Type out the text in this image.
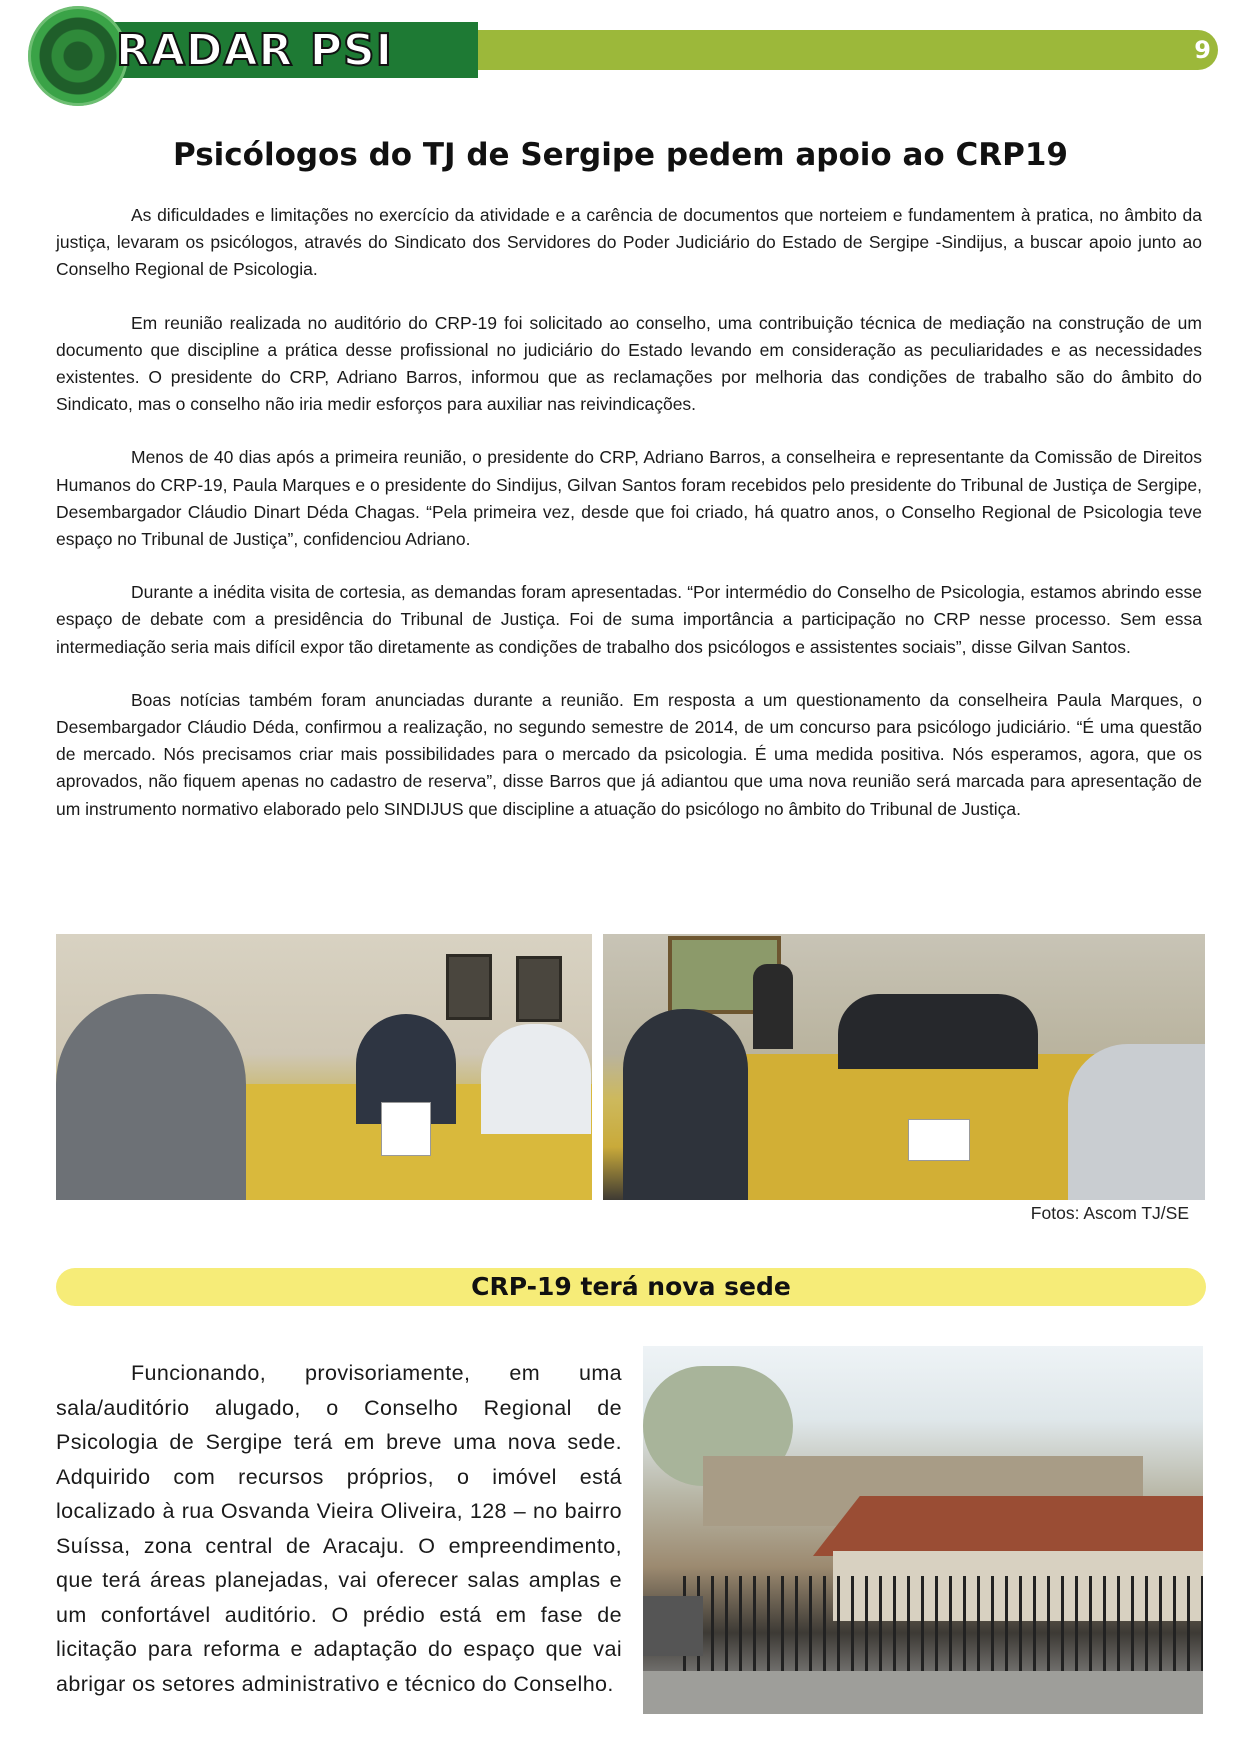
RADAR PSI	9
Psicólogos do TJ de Sergipe pedem apoio ao CRP19

As dificuldades e limitações no exercício da atividade e a carência de documentos que norteiem e fundamentem à pratica, no âmbito da justiça, levaram os psicólogos, através do Sindicato dos Servidores do Poder Judiciário do Estado de Sergipe -Sindijus, a buscar apoio junto ao Conselho Regional de Psicologia.

Em reunião realizada no auditório do CRP-19 foi solicitado ao conselho, uma contribuição técnica de mediação na construção de um documento que discipline a prática desse profissional no judiciário do Estado levando em consideração as peculiaridades e as necessidades existentes. O presidente do CRP, Adriano Barros, informou que as reclamações por melhoria das condições de trabalho são do âmbito do Sindicato, mas o conselho não iria medir esforços para auxiliar nas reivindicações.

Menos de 40 dias após a primeira reunião, o presidente do CRP, Adriano Barros, a conselheira e representante da Comissão de Direitos Humanos do CRP-19, Paula Marques e o presidente do Sindijus, Gilvan Santos foram recebidos pelo presidente do Tribunal de Justiça de Sergipe, Desembargador Cláudio Dinart Déda Chagas. “Pela primeira vez, desde que foi criado, há quatro anos, o Conselho Regional de Psicologia teve espaço no Tribunal de Justiça”, confidenciou Adriano.

Durante a inédita visita de cortesia, as demandas foram apresentadas. “Por intermédio do Conselho de Psicologia, estamos abrindo esse espaço de debate com a presidência do Tribunal de Justiça. Foi de suma importância a participação no CRP nesse processo. Sem essa intermediação seria mais difícil expor tão diretamente as condições de trabalho dos psicólogos e assistentes sociais”, disse Gilvan Santos.

Boas notícias também foram anunciadas durante a reunião. Em resposta a um questionamento da conselheira Paula Marques, o Desembargador Cláudio Déda, confirmou a realização, no segundo semestre de 2014, de um concurso para psicólogo judiciário. “É uma questão de mercado. Nós precisamos criar mais possibilidades para o mercado da psicologia. É uma medida positiva. Nós esperamos, agora, que os aprovados, não fiquem apenas no cadastro de reserva”, disse Barros que já adiantou que uma nova reunião será marcada para apresentação de um instrumento normativo elaborado pelo SINDIJUS que discipline a atuação do psicólogo no âmbito do Tribunal de Justiça.

Fotos: Ascom TJ/SE
CRP-19 terá nova sede

Funcionando, provisoriamente, em uma sala/auditório alugado, o Conselho Regional de Psicologia de Sergipe terá em breve uma nova sede. Adquirido com recursos próprios, o imóvel está localizado à rua Osvanda Vieira Oliveira, 128 – no bairro Suíssa, zona central de Aracaju. O empreendimento, que terá áreas planejadas, vai oferecer salas amplas e um confortável auditório. O prédio está em fase de licitação para reforma e adaptação do espaço que vai abrigar os setores administrativo e técnico do Conselho.
